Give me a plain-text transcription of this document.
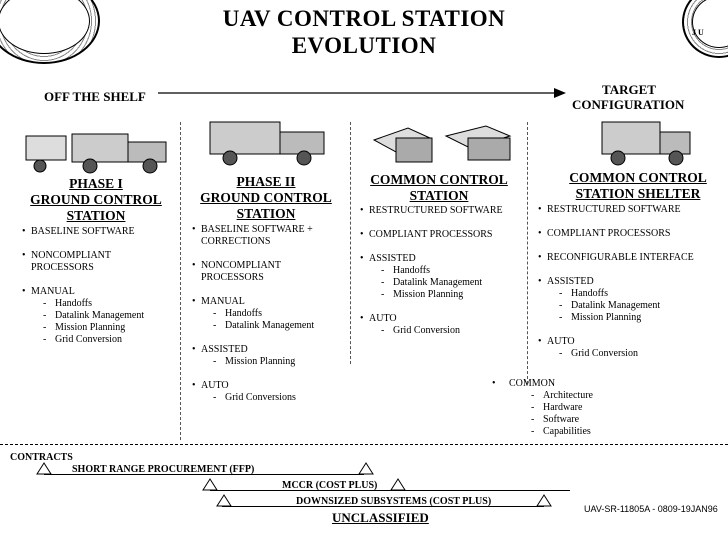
J U
UAV CONTROL STATION
EVOLUTION
OFF THE SHELF	TARGET
CONFIGURATION
PHASE I
GROUND CONTROL
STATION
• BASELINE SOFTWARE
• NONCOMPLIANT PROCESSORS
• MANUAL
- Handoffs
- Datalink Management
- Mission Planning
- Grid Conversion
PHASE II
GROUND CONTROL
STATION
• BASELINE SOFTWARE + CORRECTIONS
• NONCOMPLIANT PROCESSORS
• MANUAL
- Handoffs
- Datalink Management
• ASSISTED
- Mission Planning
• AUTO
- Grid Conversions
COMMON CONTROL
STATION
• RESTRUCTURED SOFTWARE
• COMPLIANT PROCESSORS
• ASSISTED
- Handoffs
- Datalink Management
- Mission Planning
• AUTO
- Grid Conversion
COMMON CONTROL
STATION SHELTER
• RESTRUCTURED SOFTWARE
• COMPLIANT PROCESSORS
• RECONFIGURABLE INTERFACE
• ASSISTED
- Handoffs
- Datalink Management
- Mission Planning
• AUTO
- Grid Conversion
• COMMON
- Architecture
- Hardware
- Software
- Capabilities
CONTRACTS
SHORT RANGE PROCUREMENT (FFP)
MCCR (COST PLUS)
DOWNSIZED SUBSYSTEMS (COST PLUS)
UNCLASSIFIED
UAV-SR-11805A - 0809-19JAN96
